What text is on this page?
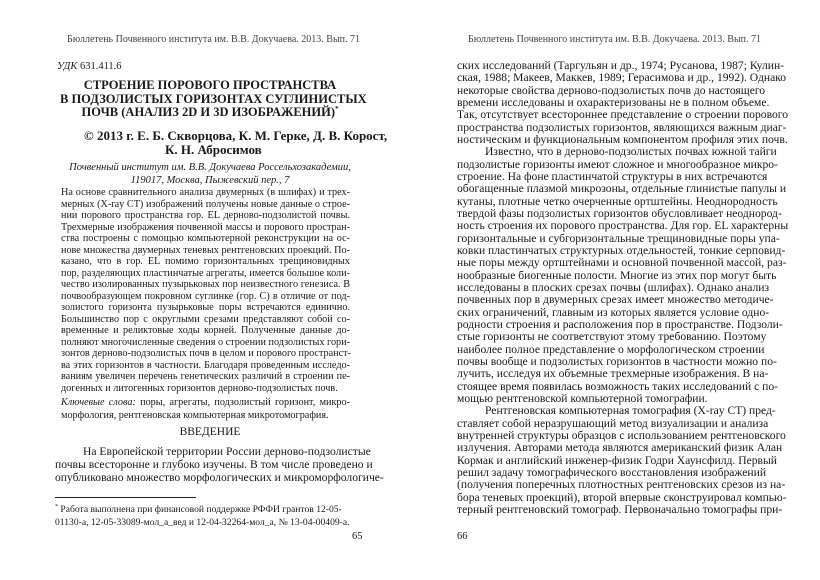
Бюллетень Почвенного института им. В.В. Докучаева. 2013. Вып. 71
УДК 631.411.6
СТРОЕНИЕ ПОРОВОГО ПРОСТРАНСТВА
В ПОДЗОЛИСТЫХ ГОРИЗОНТАХ СУГЛИНИСТЫХ
ПОЧВ (АНАЛИЗ 2D И 3D ИЗОБРАЖЕНИЙ)*
© 2013 г. Е. Б. Скворцова, К. М. Герке, Д. В. Корост,
К. Н. Абросимов
Почвенный институт им. В.В. Докучаева Россельхозакадемии,
119017, Москва, Пыжевский пер., 7
На основе сравнительного анализа двумерных (в шлифах) и трех-
мерных (X-ray CT) изображений получены новые данные о строе-
нии порового пространства гор. EL дерново-подзолистой почвы.
Трехмерные изображения почвенной массы и порового простран-
ства построены с помощью компьютерной реконструкции на ос-
нове множества двумерных теневых рентгеновских проекций. По-
казано, что в гор. EL помимо горизонтальных трещиновидных
пор, разделяющих пластинчатые агрегаты, имеется большое коли-
чество изолированных пузырьковых пор неизвестного генезиса. В
почвообразующем покровном суглинке (гор. С) в отличие от под-
золистого горизонта пузырьковые поры встречаются единично.
Большинство пор с округлыми срезами представляют собой со-
временные и реликтовые ходы корней. Полученные данные до-
полняют многочисленные сведения о строении подзолистых гори-
зонтов дерново-подзолистых почв в целом и порового пространст-
ва этих горизонтов в частности. Благодаря проведенным исследо-
ваниям увеличен перечень генетических различий в строении пе-
догенных и литогенных горизонтов дерново-подзолистых почв.
Ключевые слова: поры, агрегаты, подзолистый горизонт, микро-
морфология, рентгеновская компьютерная микротомография.
ВВЕДЕНИЕ
На Европейской территории России дерново-подзолистые
почвы всесторонне и глубоко изучены. В том числе проведено и
опубликовано множество морфологических и микроморфологиче-
* Работа выполнена при финансовой поддержке РФФИ грантов 12-05-
01130-а, 12-05-33089-мол_а_вед и 12-04-32264-мол_а, № 13-04-00409-а.
65
Бюллетень Почвенного института им. В.В. Докучаева. 2013. Вып. 71
ских исследований (Таргульян и др., 1974; Русанова, 1987; Кулин-
ская, 1988; Макеев, Маккев, 1989; Герасимова и др., 1992). Однако
некоторые свойства дерново-подзолистых почв до настоящего
времени исследованы и охарактеризованы не в полном объеме.
Так, отсутствует всестороннее представление о строении порового
пространства подзолистых горизонтов, являющихся важным диаг-
ностическим и функциональным компонентом профиля этих почв.
Известно, что в дерново-подзолистых почвах южной тайги
подзолистые горизонты имеют сложное и многообразное микро-
строение. На фоне пластинчатой структуры в них встречаются
обогащенные плазмой микрозоны, отдельные глинистые папулы и
кутаны, плотные четко очерченные ортштейны. Неоднородность
твердой фазы подзолистых горизонтов обусловливает неоднород-
ность строения их порового пространства. Для гор. EL характерны
горизонтальные и субгоризонтальные трещиновидные поры упа-
ковки пластинчатых структурных отдельностей, тонкие серповид-
ные поры между ортштейнами и основной почвенной массой, раз-
нообразные биогенные полости. Многие из этих пор могут быть
исследованы в плоских срезах почвы (шлифах). Однако анализ
почвенных пор в двумерных срезах имеет множество методиче-
ских ограничений, главным из которых является условие одно-
родности строения и расположения пор в пространстве. Подзоли-
стые горизонты не соответствуют этому требованию. Поэтому
наиболее полное представление о морфологическом строении
почвы вообще и подзолистых горизонтов в частности можно по-
лучить, исследуя их объемные трехмерные изображения. В на-
стоящее время появилась возможность таких исследований с по-
мощью рентгеновской компьютерной томографии.
Рентгеновская компьютерная томография (X-ray CT) пред-
ставляет собой неразрушающий метод визуализации и анализа
внутренней структуры образцов с использованием рентгеновского
излучения. Авторами метода являются американский физик Алан
Кормак и английский инженер-физик Годри Хаунсфилд. Первый
решил задачу томографического восстановления изображений
(получения поперечных плотностных рентгеновских срезов из на-
бора теневых проекций), второй впервые сконструировал компью-
терный рентгеновский томограф. Первоначально томографы при-
66
